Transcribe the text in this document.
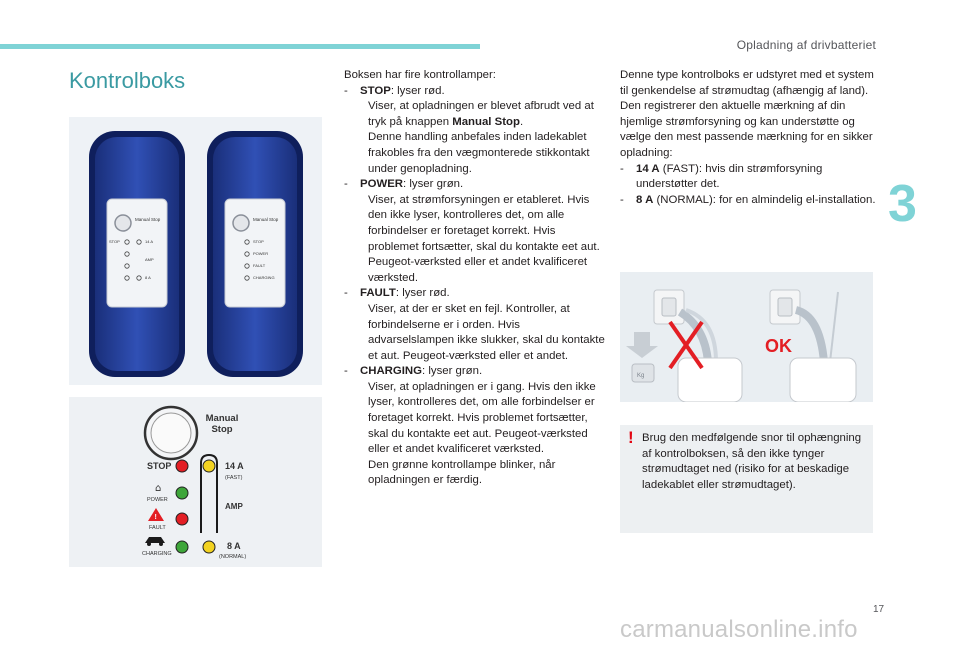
Opladning af drivbatteriet
3
17
carmanualsonline.info
Kontrolboks
Manual Stop
STOP	14 A
AMP
8 A
Manual Stop
STOP
POWER
FAULT
CHARGING
Manual
Stop
STOP	14 A
(FAST)
⌂
POWER
AMP
!
FAULT
CHARGING
8 A
(NORMAL)
Kg
OK

Boksen har fire kontrollamper:

- STOP: lyser rød.

Viser, at opladningen er blevet afbrudt ved at tryk på knappen Manual Stop.

Denne handling anbefales inden ladekablet frakobles fra den vægmonterede stikkontakt under genopladning.

- POWER: lyser grøn.

Viser, at strømforsyningen er etableret. Hvis den ikke lyser, kontrolleres det, om alle forbindelser er foretaget korrekt. Hvis problemet fortsætter, skal du kontakte eet aut. Peugeot-værksted eller et andet kvalificeret værksted.

- FAULT: lyser rød.

Viser, at der er sket en fejl. Kontroller, at forbindelserne er i orden. Hvis advarselslampen ikke slukker, skal du kontakte et aut. Peugeot-værksted eller et andet.

- CHARGING: lyser grøn.

Viser, at opladningen er i gang. Hvis den ikke lyser, kontrolleres det, om alle forbindelser er foretaget korrekt. Hvis problemet fortsætter, skal du kontakte eet aut. Peugeot-værksted eller et andet kvalificeret værksted.

Den grønne kontrollampe blinker, når opladningen er færdig.

Denne type kontrolboks er udstyret med et system til genkendelse af strømudtag (afhængig af land). Den registrerer den aktuelle mærkning af din hjemlige strømforsyning og kan understøtte og vælge den mest passende mærkning for en sikker opladning:

- 14 A (FAST): hvis din strømforsyning understøtter det.
- 8 A (NORMAL): for en almindelig el-installation.
! Brug den medfølgende snor til ophængning af kontrolboksen, så den ikke tynger strømudtaget ned (risiko for at beskadige ladekablet eller strømudtaget).
